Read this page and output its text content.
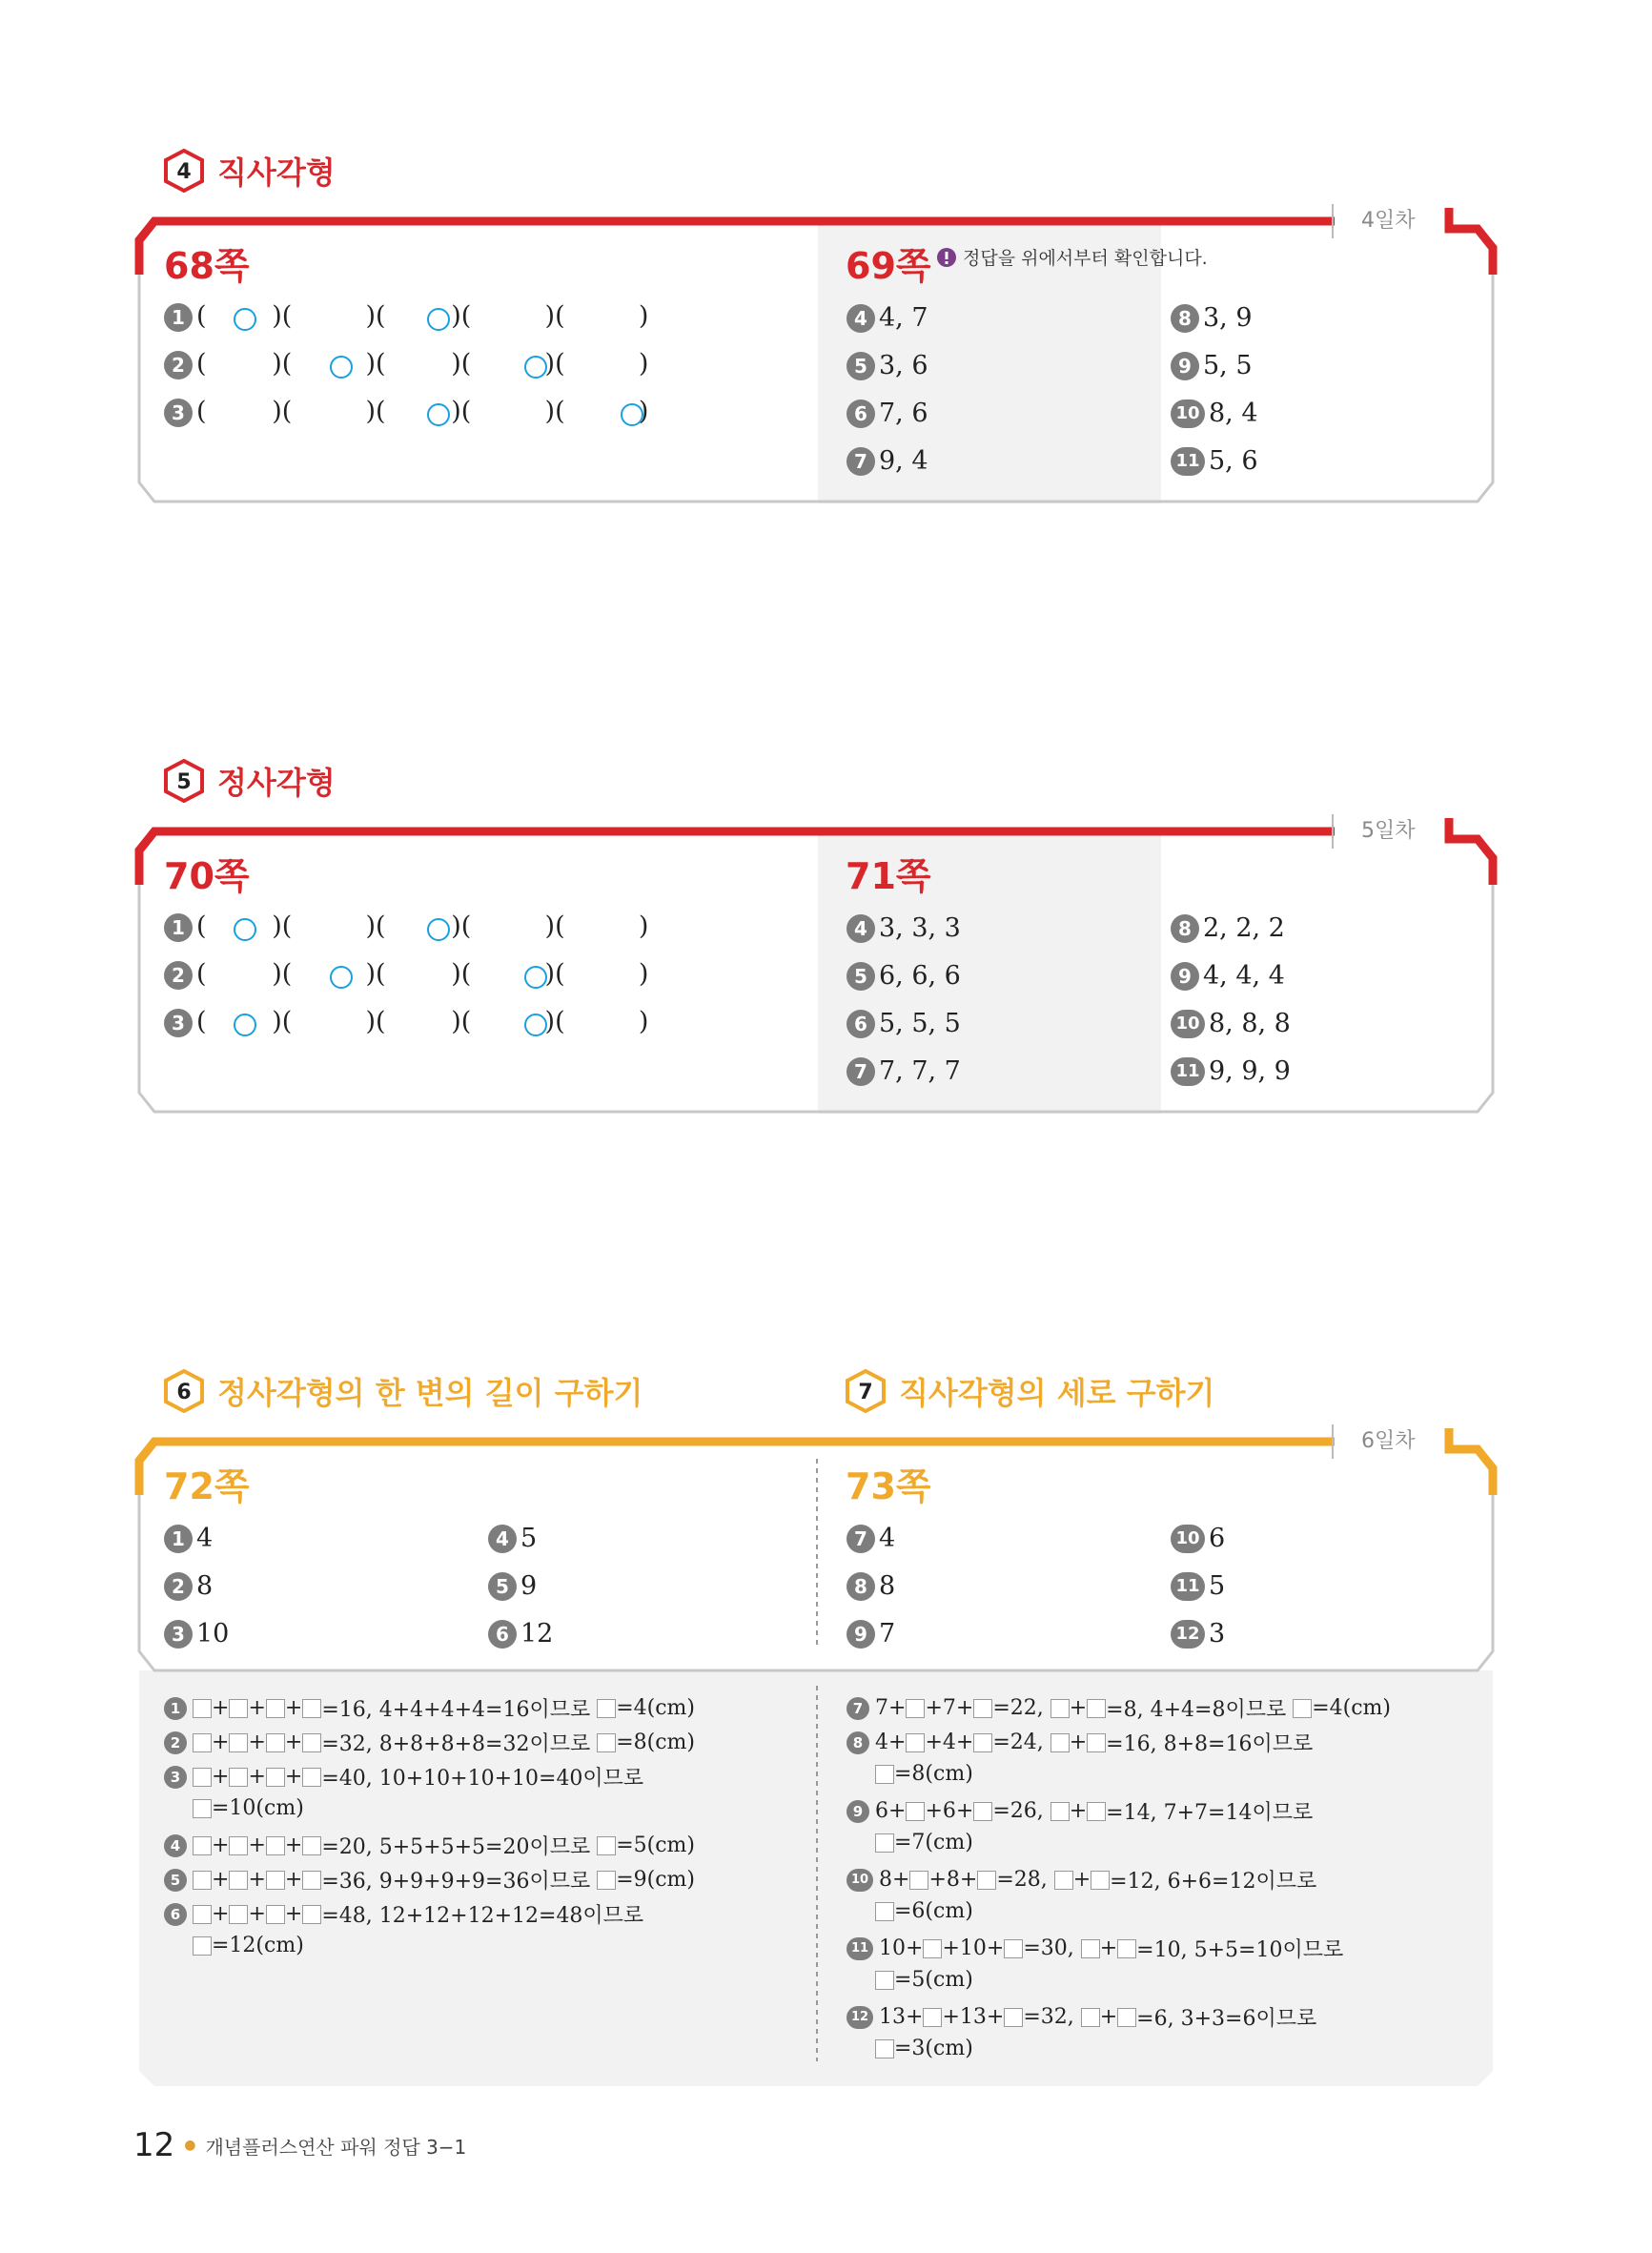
4 직사각형
4일차
68쪽	69쪽 정답을 위에서부터 확인합니다.
1 (        )(         )(        )(         )(         )
2 (        )(         )(        )(         )(         )
3 (        )(         )(        )(         )(         )
4 4, 7
5 3, 6
6 7, 6
7 9, 4
8 3, 9
9 5, 5
10 8, 4
11 5, 6
5 정사각형
5일차
70쪽	71쪽
1 (        )(         )(        )(         )(         )
2 (        )(         )(        )(         )(         )
3 (        )(         )(        )(         )(         )
4 3, 3, 3
5 6, 6, 6
6 5, 5, 5
7 7, 7, 7
8 2, 2, 2
9 4, 4, 4
10 8, 8, 8
11 9, 9, 9
6 정사각형의 한 변의 길이 구하기	7 직사각형의 세로 구하기
6일차
72쪽	73쪽
1 4
2 8
3 10
4 5
5 9
6 12
7 4
8 8
9 7
10 6
11 5
12 3
1	+ + + =16, 4+4+4+4=16이므로
=4(cm)
2	+ + + =32, 8+8+8+8=32이므로
=8(cm)
3	+ + + =40, 10+10+10+10=40이므로
=10(cm)
4	+ + + =20, 5+5+5+5=20이므로
=5(cm)
5	+ + + =36, 9+9+9+9=36이므로
=9(cm)
6	+ + + =48, 12+12+12+12=48이므로
=12(cm)
7 7+ +7+ =22,
+ =8, 4+4=8이므로
=4(cm)
8 4+ +4+ =24,
+ =16, 8+8=16이므로
=8(cm)
9 6+ +6+ =26,
+ =14, 7+7=14이므로
=7(cm)
10 8+ +8+ =28,
+ =12, 6+6=12이므로
=6(cm)
11 10+ +10+ =30,
+ =10, 5+5=10이므로
=5(cm)
12 13+ +13+ =32,
+ =6, 3+3=6이므로
=3(cm)
12 ● 개념플러스연산 파워 정답 3−1
